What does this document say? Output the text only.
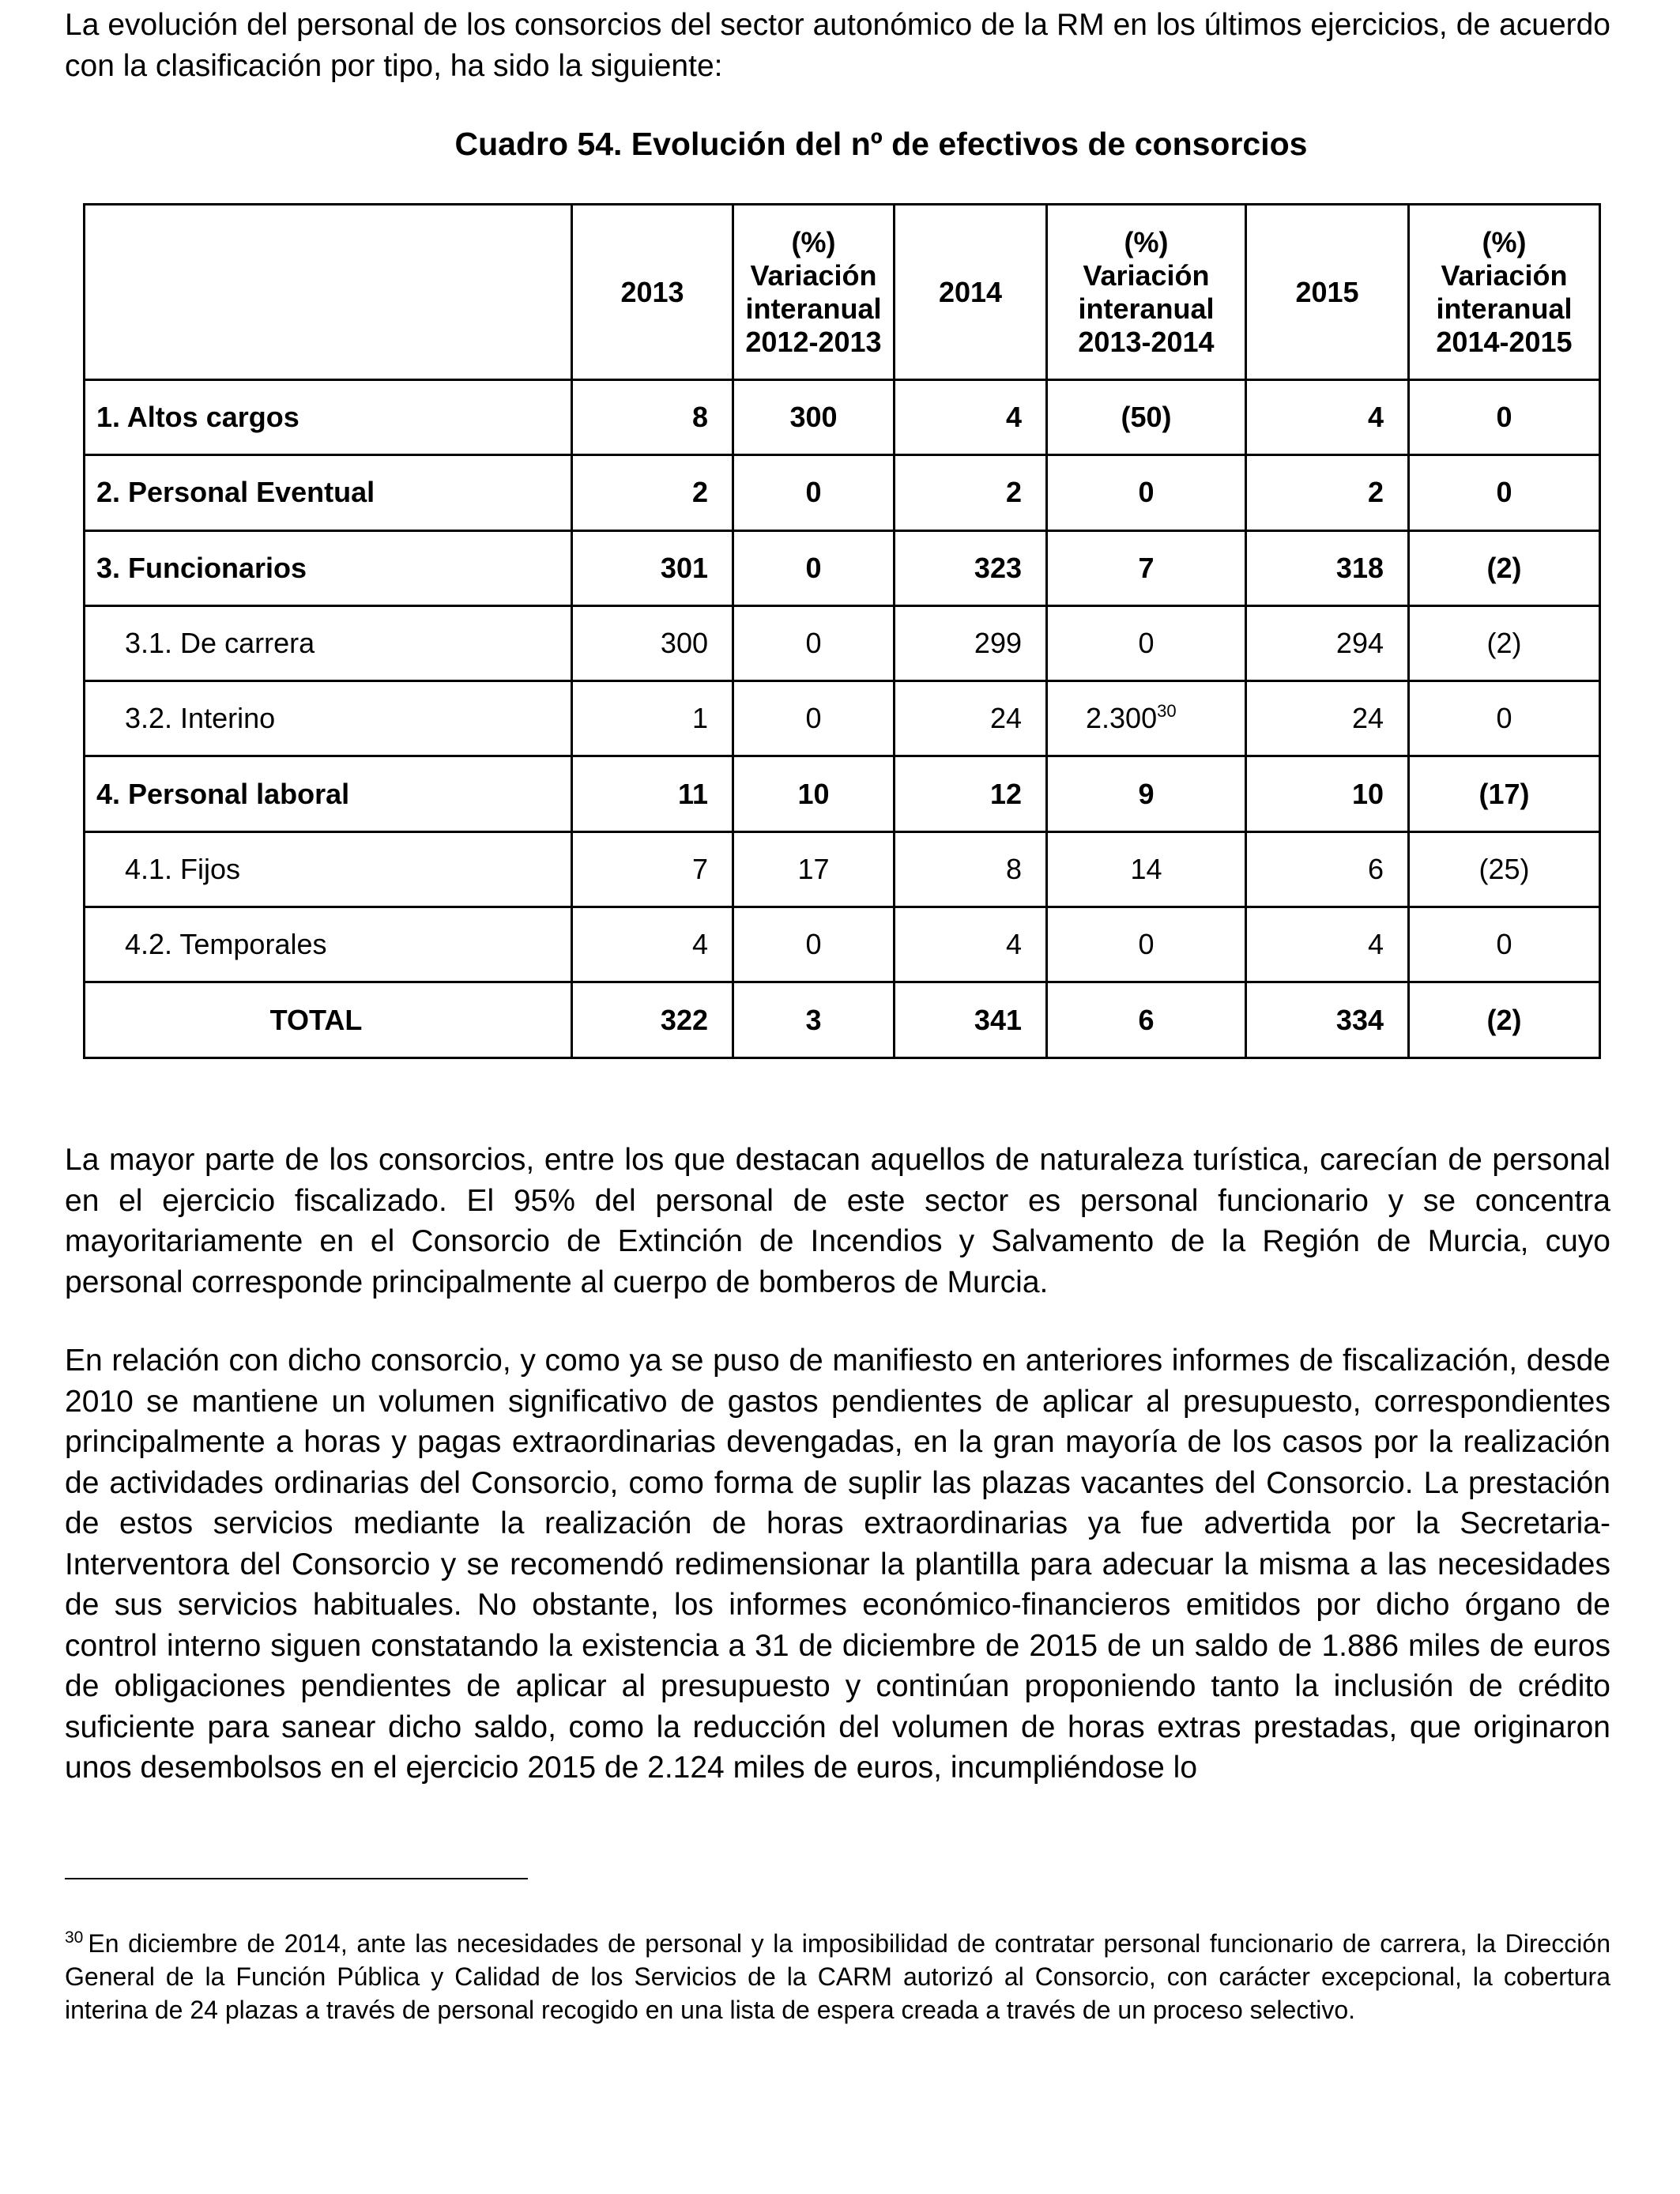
La evolución del personal de los consorcios del sector autonómico de la RM en los últimos ejercicios, de acuerdo con la clasificación por tipo, ha sido la siguiente:

Cuadro 54. Evolución del nº de efectivos de consorcios
	2013	(%)
Variación
interanual
2012-2013	2014	(%)
Variación
interanual
2013-2014	2015	(%)
Variación
interanual
2014-2015
1. Altos cargos	8	300	4	(50)	4	0
2. Personal Eventual	2	0	2	0	2	0
3. Funcionarios	301	0	323	7	318	(2)
3.1. De carrera	300	0	299	0	294	(2)
3.2. Interino	1	0	24	2.300$^{30}$	24	0
4. Personal laboral	11	10	12	9	10	(17)
4.1. Fijos	7	17	8	14	6	(25)
4.2. Temporales	4	0	4	0	4	0
TOTAL	322	3	341	6	334	(2)

La mayor parte de los consorcios, entre los que destacan aquellos de naturaleza turística, carecían de personal en el ejercicio fiscalizado. El 95% del personal de este sector es personal funcionario y se concentra mayoritariamente en el Consorcio de Extinción de Incendios y Salvamento de la Región de Murcia, cuyo personal corresponde principalmente al cuerpo de bomberos de Murcia.

En relación con dicho consorcio, y como ya se puso de manifiesto en anteriores informes de fiscalización, desde 2010 se mantiene un volumen significativo de gastos pendientes de aplicar al presupuesto, correspondientes principalmente a horas y pagas extraordinarias devengadas, en la gran mayoría de los casos por la realización de actividades ordinarias del Consorcio, como forma de suplir las plazas vacantes del Consorcio. La prestación de estos servicios mediante la realización de horas extraordinarias ya fue advertida por la Secretaria-Interventora del Consorcio y se recomendó redimensionar la plantilla para adecuar la misma a las necesidades de sus servicios habituales. No obstante, los informes económico-financieros emitidos por dicho órgano de control interno siguen constatando la existencia a 31 de diciembre de 2015 de un saldo de 1.886 miles de euros de obligaciones pendientes de aplicar al presupuesto y continúan proponiendo tanto la inclusión de crédito suficiente para sanear dicho saldo, como la reducción del volumen de horas extras prestadas, que originaron unos desembolsos en el ejercicio 2015 de 2.124 miles de euros, incumpliéndose lo

$^{30}$ En diciembre de 2014, ante las necesidades de personal y la imposibilidad de contratar personal funcionario de carrera, la Dirección General de la Función Pública y Calidad de los Servicios de la CARM autorizó al Consorcio, con carácter excepcional, la cobertura interina de 24 plazas a través de personal recogido en una lista de espera creada a través de un proceso selectivo.
